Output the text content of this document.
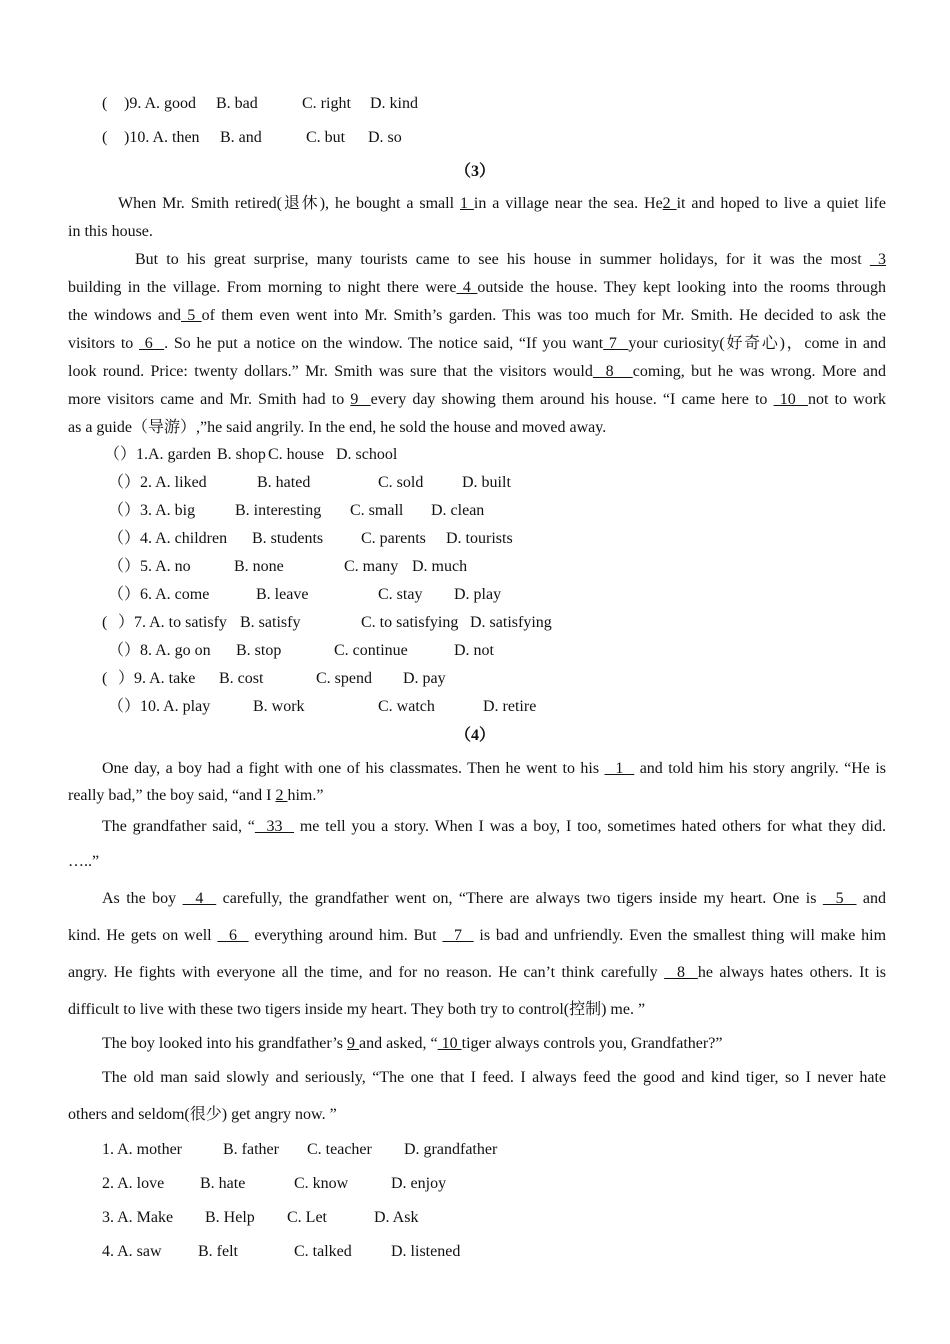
( )9. A. good B. bad	C. right D. kind
( )10. A. then B. and	C. but D. so
（3）
When Mr. Smith retired(退休), he bought a small 1 in a village near the sea. He2 it and hoped to live a quiet life
in this house.
But to his great surprise, many tourists came to see his house in summer holidays, for it was the most  3
building in the village. From morning to night there were 4 outside the house. They kept looking into the rooms through
the windows and 5 of them even went into Mr. Smith’s garden. This was too much for Mr. Smith. He decided to ask the
visitors to  6  . So he put a notice on the window. The notice said, “If you want 7  your curiosity(好奇心)，come in and
look round. Price: twenty dollars.” Mr. Smith was sure that the visitors would  8   coming, but he was wrong. More and
more visitors came and Mr. Smith had to 9  every day showing them around his house. “I came here to  10  not to work
as a guide（导游）,”he said angrily. In the end, he sold the house and moved away.
（ ）1.A. garden B. shop C. house D. school
（ ）2. A. liked	B. hated	C. sold D. built
（ ）3. A. big B. interesting C. small D. clean
（ ）4. A. children B. students C. parents D. tourists
（ ）5. A. no	B. none	C. many D. much
（ ）6. A. come	B. leave	C. stay D. play
( ）7. A. to satisfy B. satisfy	C. to satisfying D. satisfying
（ ）8. A. go on B. stop	C. continue	D. not
( ）9. A. take B. cost	C. spend D. pay
（ ）10. A. play	B. work	C. watch	D. retire
（4）
One day, a boy had a fight with one of his classmates. Then he went to his   1   and told him his story angrily. “He is
really bad,” the boy said, “and I 2 him.”
The grandfather said, “  33   me tell you a story. When I was a boy, I too, sometimes hated others for what they did.
…..”
As the boy   4   carefully, the grandfather went on, “There are always two tigers inside my heart. One is   5   and
kind. He gets on well   6   everything around him. But   7   is bad and unfriendly. Even the smallest thing will make him
angry. He fights with everyone all the time, and for no reason. He can’t think carefully   8  he always hates others. It is
difficult to live with these two tigers inside my heart. They both try to control(控制) me. ”
The boy looked into his grandfather’s 9 and asked, “ 10 tiger always controls you, Grandfather?”
The old man said slowly and seriously, “The one that I feed. I always feed the good and kind tiger, so I never hate
others and seldom(很少) get angry now. ”
1. A. mother	B. father C. teacher D. grandfather
2. A. love B. hate	C. know	D. enjoy
3. A. Make B. Help C. Let	D. Ask
4. A. saw B. felt	C. talked D. listened
